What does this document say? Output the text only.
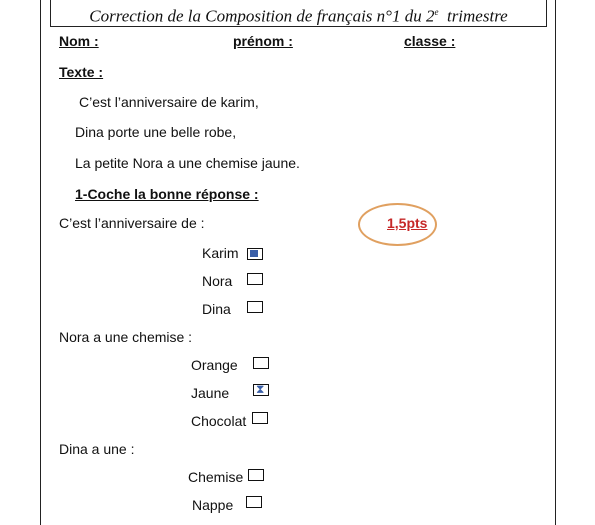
Correction de la Composition de français n°1 du 2e  trimestre
Nom :	prénom :	classe :
Texte :
C’est l’anniversaire de karim,
Dina porte une belle robe,
La petite Nora a une chemise jaune.
1-Coche la bonne réponse :
1,5pts
C’est l’anniversaire de :
Karim
Nora
Dina
Nora a une chemise :
Orange
Jaune
⧗
Chocolat
Dina a une :
Chemise
Nappe
